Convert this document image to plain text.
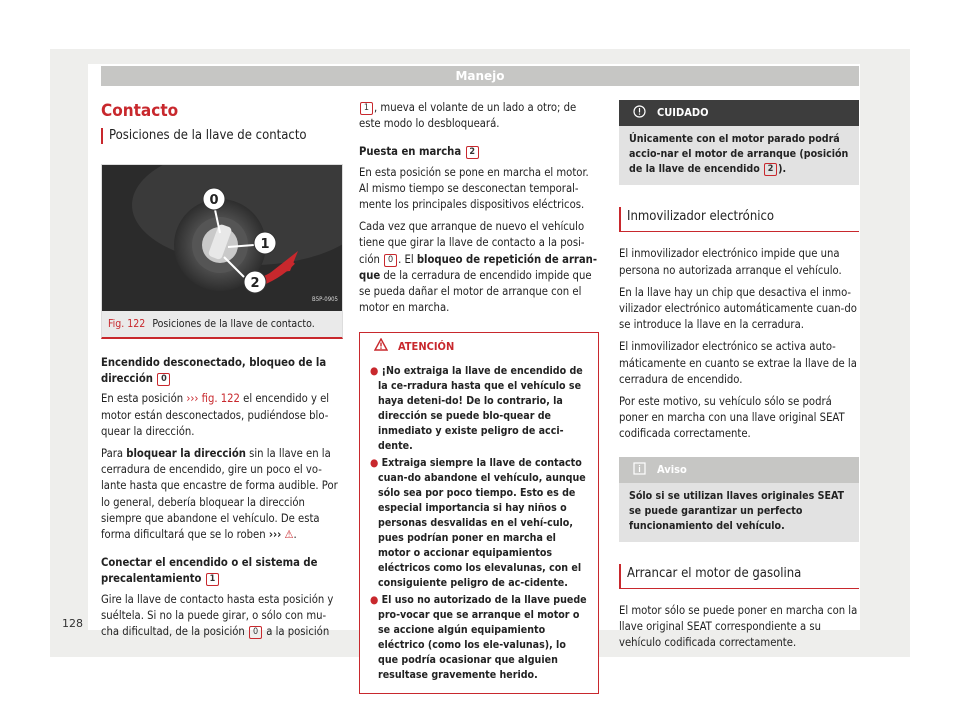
Manejo
128
Contacto
Posiciones de la llave de contacto
0
1
2
B5P-0905
Fig. 122 Posiciones de la llave de contacto.
Encendido desconectado, bloqueo de la dirección 0

En esta posición ››› fig. 122 el encendido y el motor están desconectados, pudiéndose blo-quear la dirección.

Para bloquear la dirección sin la llave en la cerradura de encendido, gire un poco el vo-lante hasta que encastre de forma audible. Por lo general, debería bloquear la dirección siempre que abandone el vehículo. De esta forma dificultará que se lo roben ››› ⚠.

Conectar el encendido o el sistema de precalentamiento 1

Gire la llave de contacto hasta esta posición y suéltela. Si no la puede girar, o sólo con mu-cha dificultad, de la posición 0 a la posición

1 , mueva el volante de un lado a otro; de este modo lo desbloqueará.

Puesta en marcha 2

En esta posición se pone en marcha el motor. Al mismo tiempo se desconectan temporal-mente los principales dispositivos eléctricos.

Cada vez que arranque de nuevo el vehículo tiene que girar la llave de contacto a la posi-ción 0 . El bloqueo de repetición de arran-que de la cerradura de encendido impide que se pueda dañar el motor de arranque con el motor en marcha.

ATENCIÓN
● ¡No extraiga la llave de encendido de la ce-rradura hasta que el vehículo se haya deteni-do! De lo contrario, la dirección se puede blo-quear de inmediato y existe peligro de acci-dente.
● Extraiga siempre la llave de contacto cuan-do abandone el vehículo, aunque sólo sea por poco tiempo. Esto es de especial importancia si hay niños o personas desvalidas en el vehí-culo, pues podrían poner en marcha el motor o accionar equipamientos eléctricos como los elevalunas, con el consiguiente peligro de ac-cidente.
● El uso no autorizado de la llave puede pro-vocar que se arranque el motor o se accione algún equipamiento eléctrico (como los ele-valunas), lo que podría ocasionar que alguien resultase gravemente herido.
CUIDADO
Únicamente con el motor parado podrá accio-nar el motor de arranque (posición de la llave de encendido 2 ).
Inmovilizador electrónico

El inmovilizador electrónico impide que una persona no autorizada arranque el vehículo.

En la llave hay un chip que desactiva el inmo-vilizador electrónico automáticamente cuan-do se introduce la llave en la cerradura.

El inmovilizador electrónico se activa auto-máticamente en cuanto se extrae la llave de la cerradura de encendido.

Por este motivo, su vehículo sólo se podrá poner en marcha con una llave original SEAT codificada correctamente.

Aviso
Sólo si se utilizan llaves originales SEAT se puede garantizar un perfecto funcionamiento del vehículo.
Arrancar el motor de gasolina

El motor sólo se puede poner en marcha con la llave original SEAT correspondiente a su vehículo codificada correctamente.
